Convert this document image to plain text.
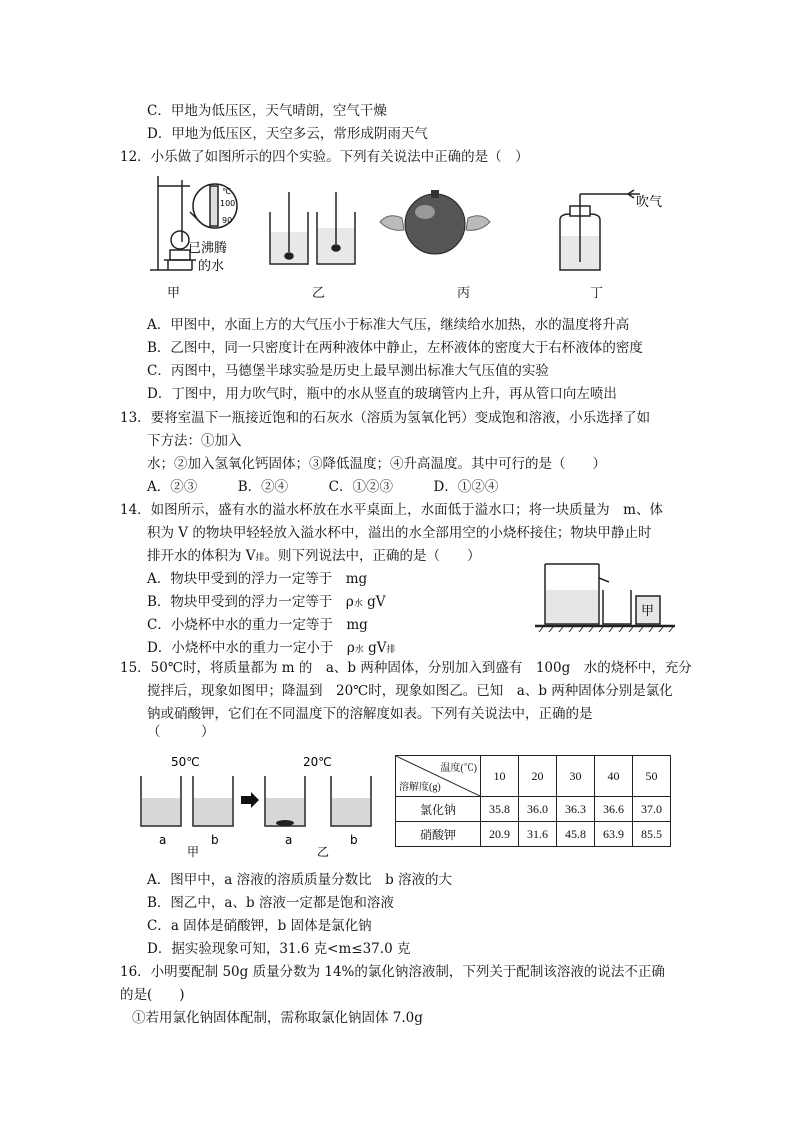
C．甲地为低压区，天气晴朗，空气干燥
D．甲地为低压区，天空多云，常形成阴雨天气
12．小乐做了如图所示的四个实验。下列有关说法中正确的是（　）
℃
100
90
已沸腾
的水
吹气
甲	乙	丙	丁
A．甲图中，水面上方的大气压小于标准大气压，继续给水加热，水的温度将升高
B．乙图中，同一只密度计在两种液体中静止，左杯液体的密度大于右杯液体的密度
C．丙图中，马德堡半球实验是历史上最早测出标准大气压值的实验
D．丁图中，用力吹气时，瓶中的水从竖直的玻璃管内上升，再从管口向左喷出
13．要将室温下一瓶接近饱和的石灰水（溶质为氢氧化钙）变成饱和溶液，小乐选择了如
下方法：①加入
水；②加入氢氧化钙固体；③降低温度；④升高温度。其中可行的是（　　）
A．②③　　　B．②④　　　C．①②③　　　D．①②④
14．如图所示，盛有水的溢水杯放在水平桌面上，水面低于溢水口；将一块质量为　m、体
积为 V 的物块甲轻轻放入溢水杯中，溢出的水全部用空的小烧杯接住；物块甲静止时
排开水的体积为 V排。则下列说法中，正确的是（　　）
A．物块甲受到的浮力一定等于　mg
B．物块甲受到的浮力一定等于　ρ水 gV
C．小烧杯中水的重力一定等于　mg
D．小烧杯中水的重力一定小于　ρ水 gV排
甲
15．50℃时，将质量都为 m 的　a、b 两种固体，分别加入到盛有　100g　水的烧杯中，充分
搅拌后，现象如图甲；降温到　20℃时，现象如图乙。已知　a、b 两种固体分别是氯化
钠或硝酸钾，它们在不同温度下的溶解度如表。下列有关说法中，正确的是
（　　　）
50℃	20℃
a	b	a	b
甲	乙
温度(℃)
溶解度(g)	10	20	30	40	50
氯化钠	35.8	36.0	36.3	36.6	37.0
硝酸钾	20.9	31.6	45.8	63.9	85.5
A．图甲中，a 溶液的溶质质量分数比　b 溶液的大
B．图乙中，a、b 溶液一定都是饱和溶液
C．a 固体是硝酸钾，b 固体是氯化钠
D．据实验现象可知，31.6 克<m≤37.0 克
16．小明要配制 50g 质量分数为 14%的氯化钠溶液制，下列关于配制该溶液的说法不正确
的是(　　)
①若用氯化钠固体配制，需称取氯化钠固体 7.0g
